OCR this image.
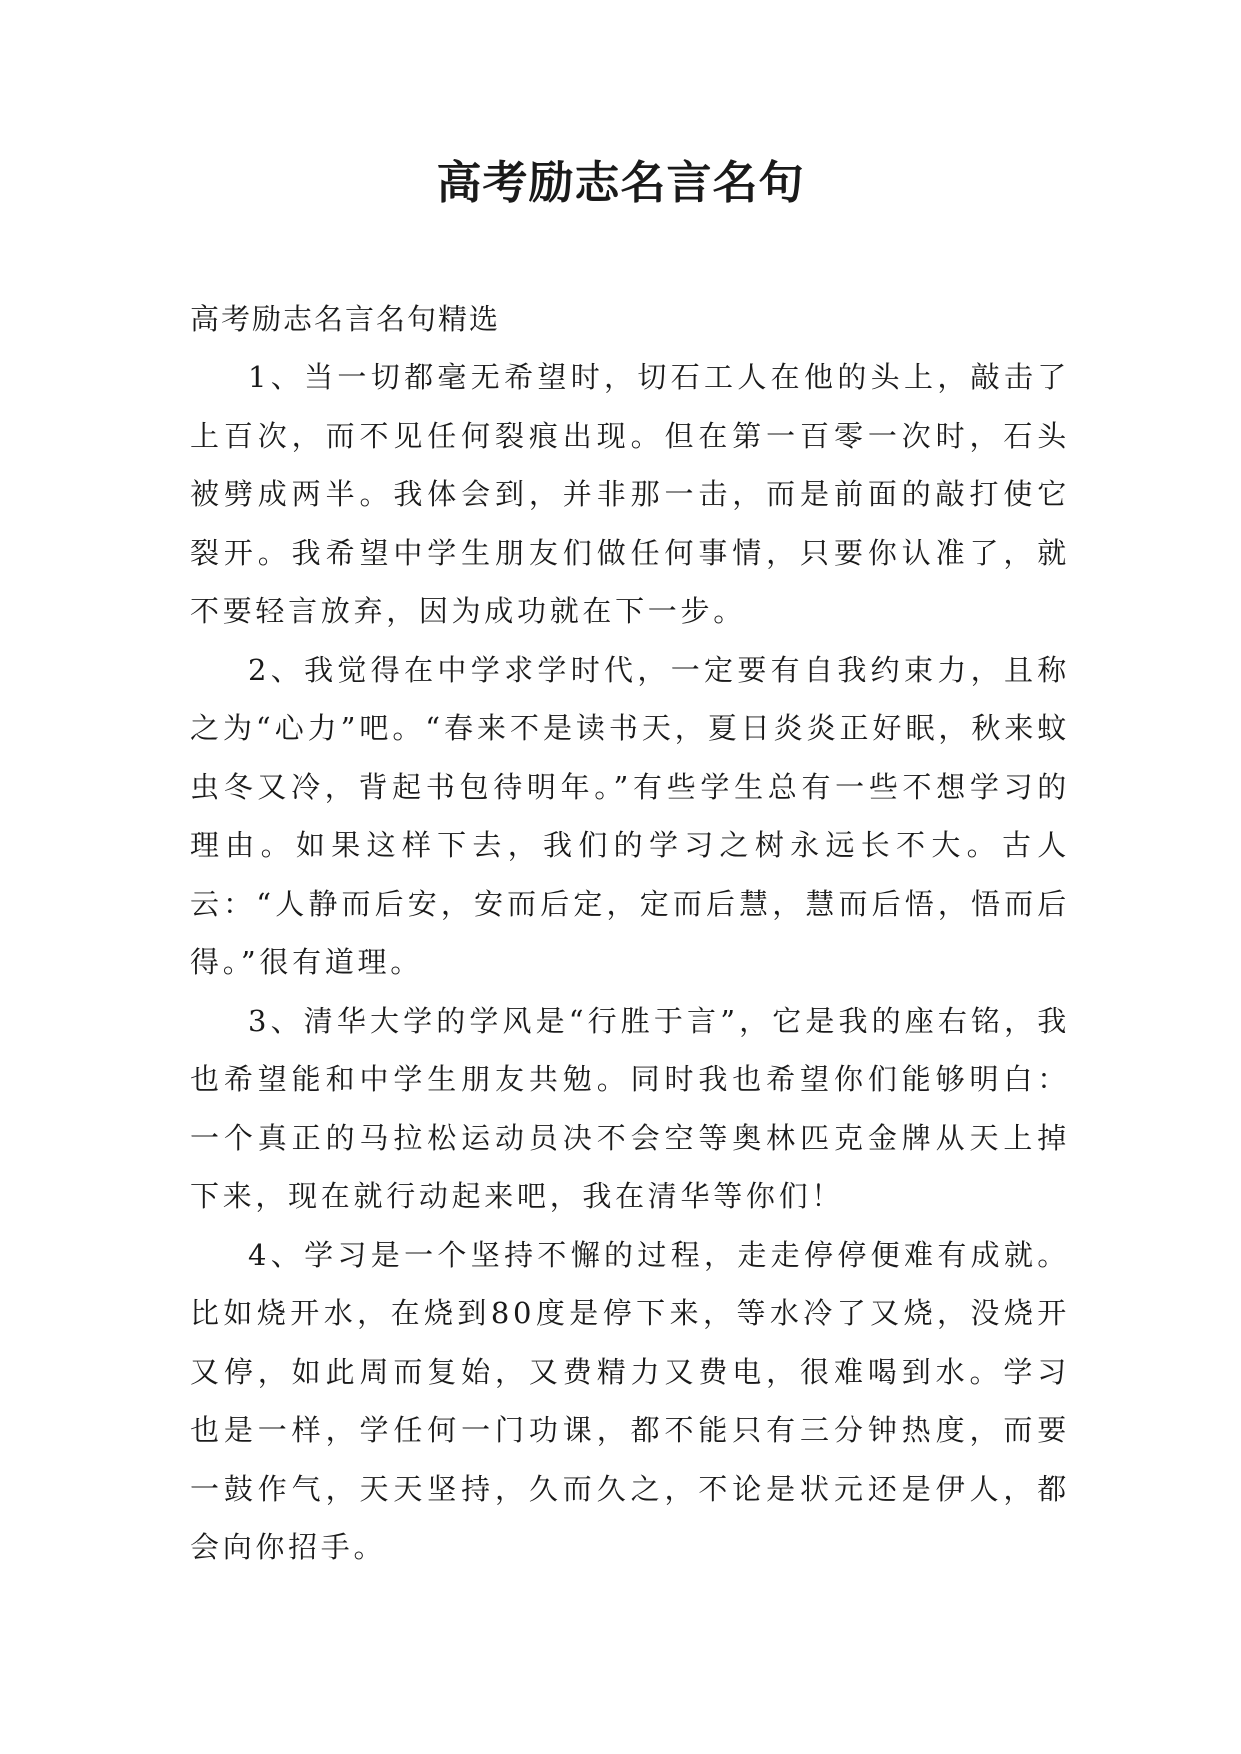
高考励志名言名句

高考励志名言名句精选

1、当一切都毫无希望时，切石工人在他的头上，敲击了上百次，而不见任何裂痕出现。但在第一百零一次时，石头被劈成两半。我体会到，并非那一击，而是前面的敲打使它裂开。我希望中学生朋友们做任何事情，只要你认准了，就不要轻言放弃，因为成功就在下一步。

2、我觉得在中学求学时代，一定要有自我约束力，且称之为“心力”吧。“春来不是读书天，夏日炎炎正好眠，秋来蚊虫冬又冷，背起书包待明年。”有些学生总有一些不想学习的理由。如果这样下去，我们的学习之树永远长不大。古人云：“人静而后安，安而后定，定而后慧，慧而后悟，悟而后得。”很有道理。

3、清华大学的学风是“行胜于言”，它是我的座右铭，我也希望能和中学生朋友共勉。同时我也希望你们能够明白：一个真正的马拉松运动员决不会空等奥林匹克金牌从天上掉下来，现在就行动起来吧，我在清华等你们！

4、学习是一个坚持不懈的过程，走走停停便难有成就。比如烧开水，在烧到80度是停下来，等水冷了又烧，没烧开又停，如此周而复始，又费精力又费电，很难喝到水。学习也是一样，学任何一门功课，都不能只有三分钟热度，而要一鼓作气，天天坚持，久而久之，不论是状元还是伊人，都会向你招手。
